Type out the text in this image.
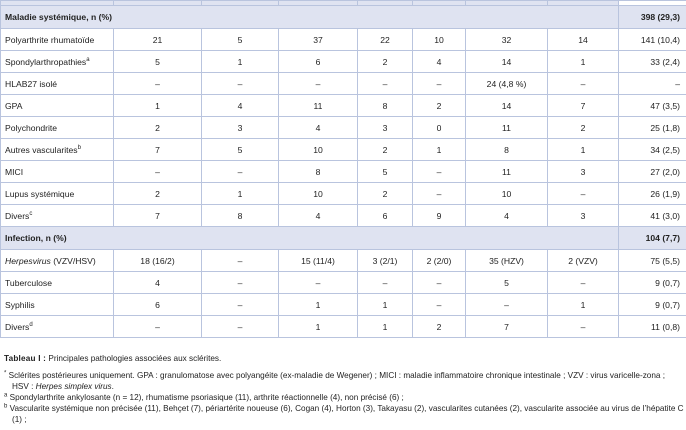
Maladie systémique, n (%)								398 (29,3)
Polyarthrite rhumatoïde	21	5	37	22	10	32	14	141 (10,4)
Spondylarthropathies$^a$	5	1	6	2	4	14	1	33 (2,4)
HLAB27 isolé	–	–	–	–	–	24 (4,8 %)	–	–
GPA	1	4	11	8	2	14	7	47 (3,5)
Polychondrite	2	3	4	3	0	11	2	25 (1,8)
Autres vascularites$^b$	7	5	10	2	1	8	1	34 (2,5)
MICI	–	–	8	5	–	11	3	27 (2,0)
Lupus systémique	2	1	10	2	–	10	–	26 (1,9)
Divers$^c$	7	8	4	6	9	4	3	41 (3,0)
Infection, n (%)								104 (7,7)
Herpesvirus (VZV/HSV)	18 (16/2)	–	15 (11/4)	3 (2/1)	2 (2/0)	35 (HZV)	2 (VZV)	75 (5,5)
Tuberculose	4	–	–	–	–	5	–	9 (0,7)
Syphilis	6	–	1	1	–	–	1	9 (0,7)
Divers$^d$	–	–	1	1	2	7	–	11 (0,8)
Tableau I : Principales pathologies associées aux sclérites.

* Sclérites postérieures uniquement. GPA : granulomatose avec polyangéite (ex-maladie de Wegener) ; MICI : maladie inflammatoire chronique intestinale ; VZV : virus varicelle-zona ; HSV : Herpes simplex virus.

$^a$ Spondylarthrite ankylosante (n = 12), rhumatisme psoriasique (11), arthrite réactionnelle (4), non précisé (6) ;

$^b$ Vascularite systémique non précisée (11), Behçet (7), périartérite noueuse (6), Cogan (4), Horton (3), Takayasu (2), vascularites cutanées (2), vascularite associée au virus de l’hépatite C (1) ;
